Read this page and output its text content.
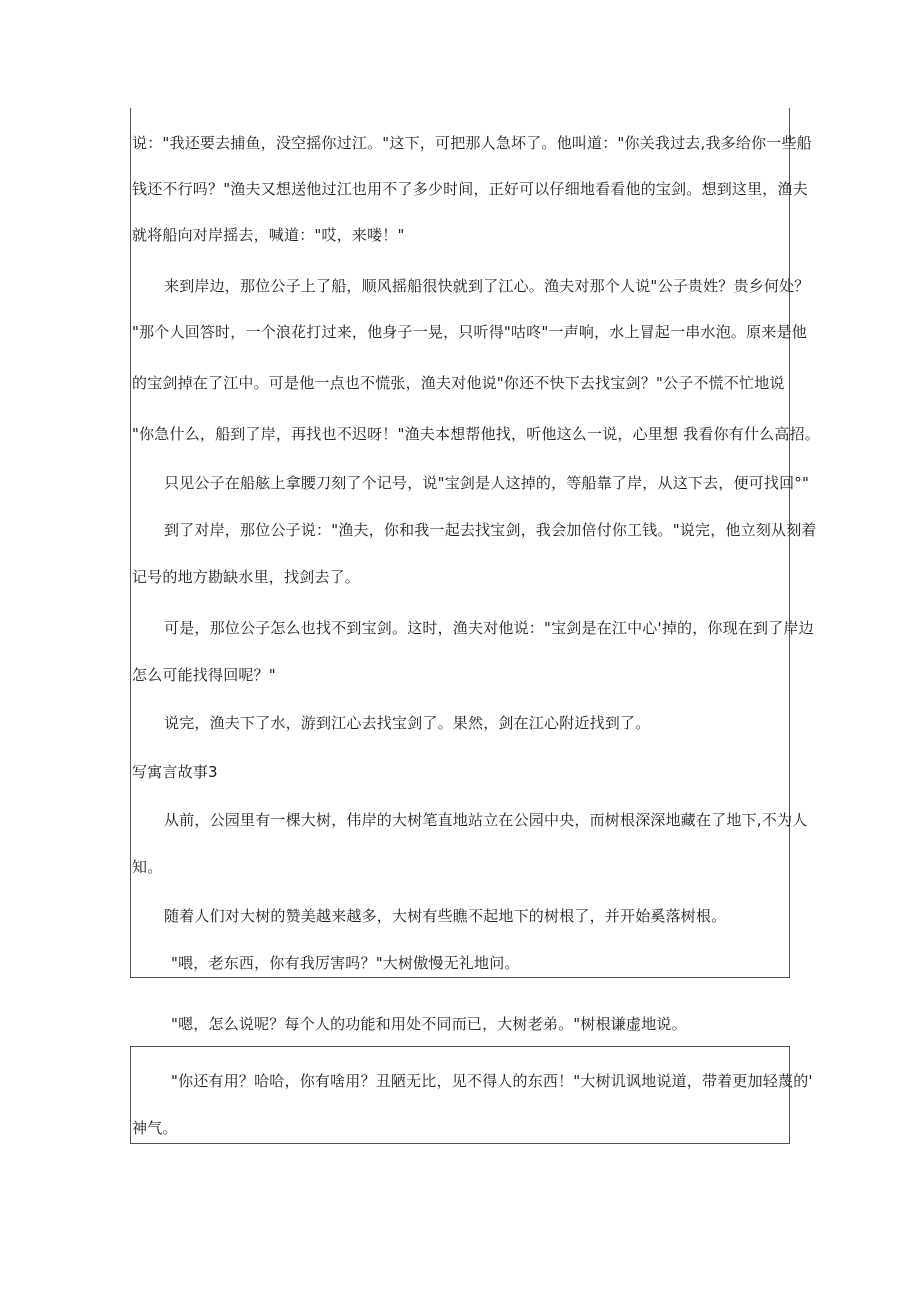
说："我还要去捕鱼，没空摇你过江。"这下，可把那人急坏了。他叫道："你关我过去,我多给你一些船
钱还不行吗？"渔夫又想送他过江也用不了多少时间，正好可以仔细地看看他的宝剑。想到这里，渔夫
就将船向对岸摇去，喊道："哎，来喽！"
来到岸边，那位公子上了船，顺风摇船很快就到了江心。渔夫对那个人说"公子贵姓？贵乡何处？
"那个人回答时，一个浪花打过来，他身子一晃，只听得"咕咚"一声响，水上冒起一串水泡。原来是他
的宝剑掉在了江中。可是他一点也不慌张，渔夫对他说"你还不快下去找宝剑？"公子不慌不忙地说
"你急什么，船到了岸，再找也不迟呀！"渔夫本想帮他找，听他这么一说，心里想 我看你有什么高招。
只见公子在船舷上拿腰刀刻了个记号，说"宝剑是人这掉的，等船靠了岸，从这下去，便可找回°"
到了对岸，那位公子说："渔夫，你和我一起去找宝剑，我会加倍付你工钱。"说完，他立刻从刻着
记号的地方勘缺水里，找剑去了。
可是，那位公子怎么也找不到宝剑。这时，渔夫对他说："宝剑是在江中心'掉的，你现在到了岸边
怎么可能找得回呢？"
说完，渔夫下了水，游到江心去找宝剑了。果然，剑在江心附近找到了。
写寓言故事3
从前，公园里有一棵大树，伟岸的大树笔直地站立在公园中央，而树根深深地藏在了地下,不为人
知。
随着人们对大树的赞美越来越多，大树有些瞧不起地下的树根了，并开始奚落树根。
"喂，老东西，你有我厉害吗？"大树傲慢无礼地问。
"嗯，怎么说呢？每个人的功能和用处不同而已，大树老弟。"树根谦虚地说。
"你还有用？哈哈，你有啥用？丑陋无比，见不得人的东西！"大树讥讽地说道，带着更加轻蔑的'
神气。
